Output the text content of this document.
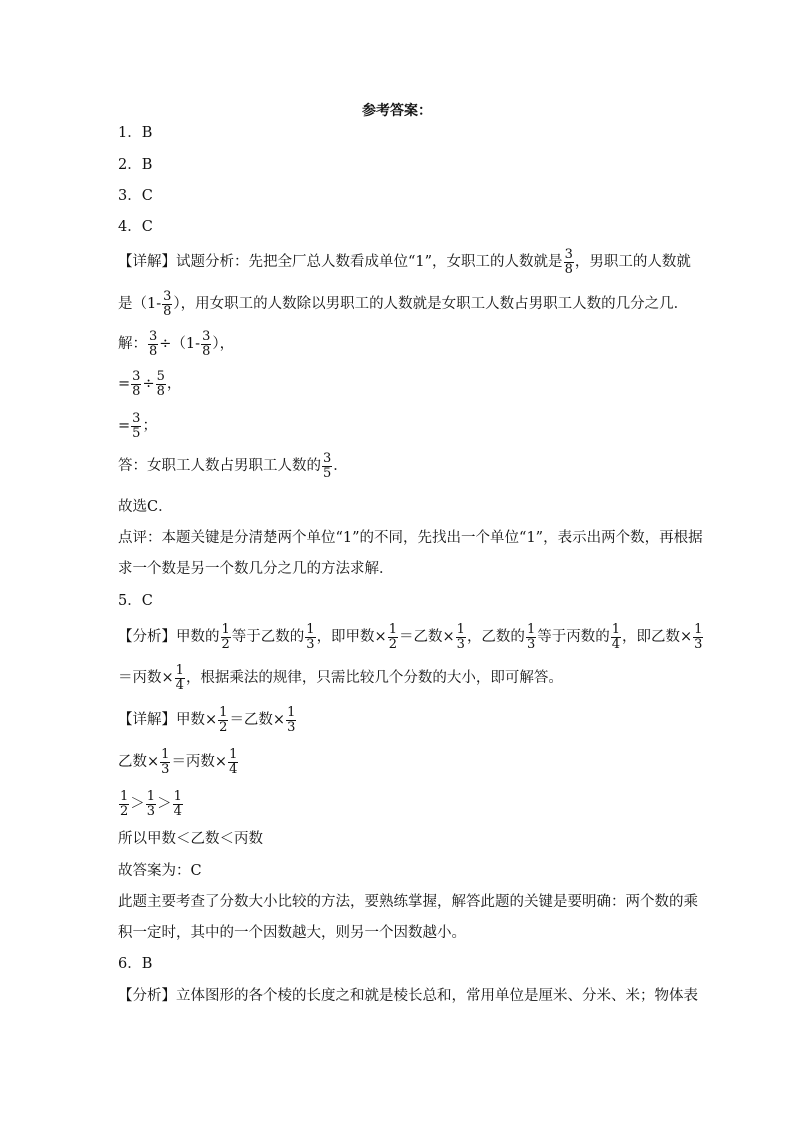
参考答案：
1．B
2．B
3．C
4．C
【详解】试题分析：先把全厂总人数看成单位“1”，女职工的人数就是 $\frac{3}{8}$ ，男职工的人数就
是（$1- \frac{3}{8}$ ），用女职工的人数除以男职工的人数就是女职工人数占男职工人数的几分之几．
解： $\frac{3}{8} \div(1- \frac{3}{8}$ ），
= $\frac{3}{8} \div \frac{5}{8}$ ，
= $\frac{3}{5}$ ；
答：女职工人数占男职工人数的 $\frac{3}{5}$ ．
故选C．
点评：本题关键是分清楚两个单位“1”的不同，先找出一个单位“1”，表示出两个数，再根据
求一个数是另一个数几分之几的方法求解．
5．C
【分析】甲数的 $\frac{1}{2}$ 等于乙数的 $\frac{1}{3}$ ，即甲数× $\frac{1}{2}$ ＝乙数× $\frac{1}{3}$ ，乙数的 $\frac{1}{3}$ 等于丙数的 $\frac{1}{4}$ ，即乙数× $\frac{1}{3}$
＝丙数× $\frac{1}{4}$ ，根据乘法的规律，只需比较几个分数的大小，即可解答。
【详解】甲数× $\frac{1}{2}$ ＝乙数× $\frac{1}{3}$
乙数× $\frac{1}{3}$ ＝丙数× $\frac{1}{4}$
$\frac{1}{2} > \frac{1}{3} > \frac{1}{4}$
所以甲数＜乙数＜丙数
故答案为：C
此题主要考查了分数大小比较的方法，要熟练掌握，解答此题的关键是要明确：两个数的乘
积一定时，其中的一个因数越大，则另一个因数越小。
6．B
【分析】立体图形的各个棱的长度之和就是棱长总和，常用单位是厘米、分米、米；物体表
